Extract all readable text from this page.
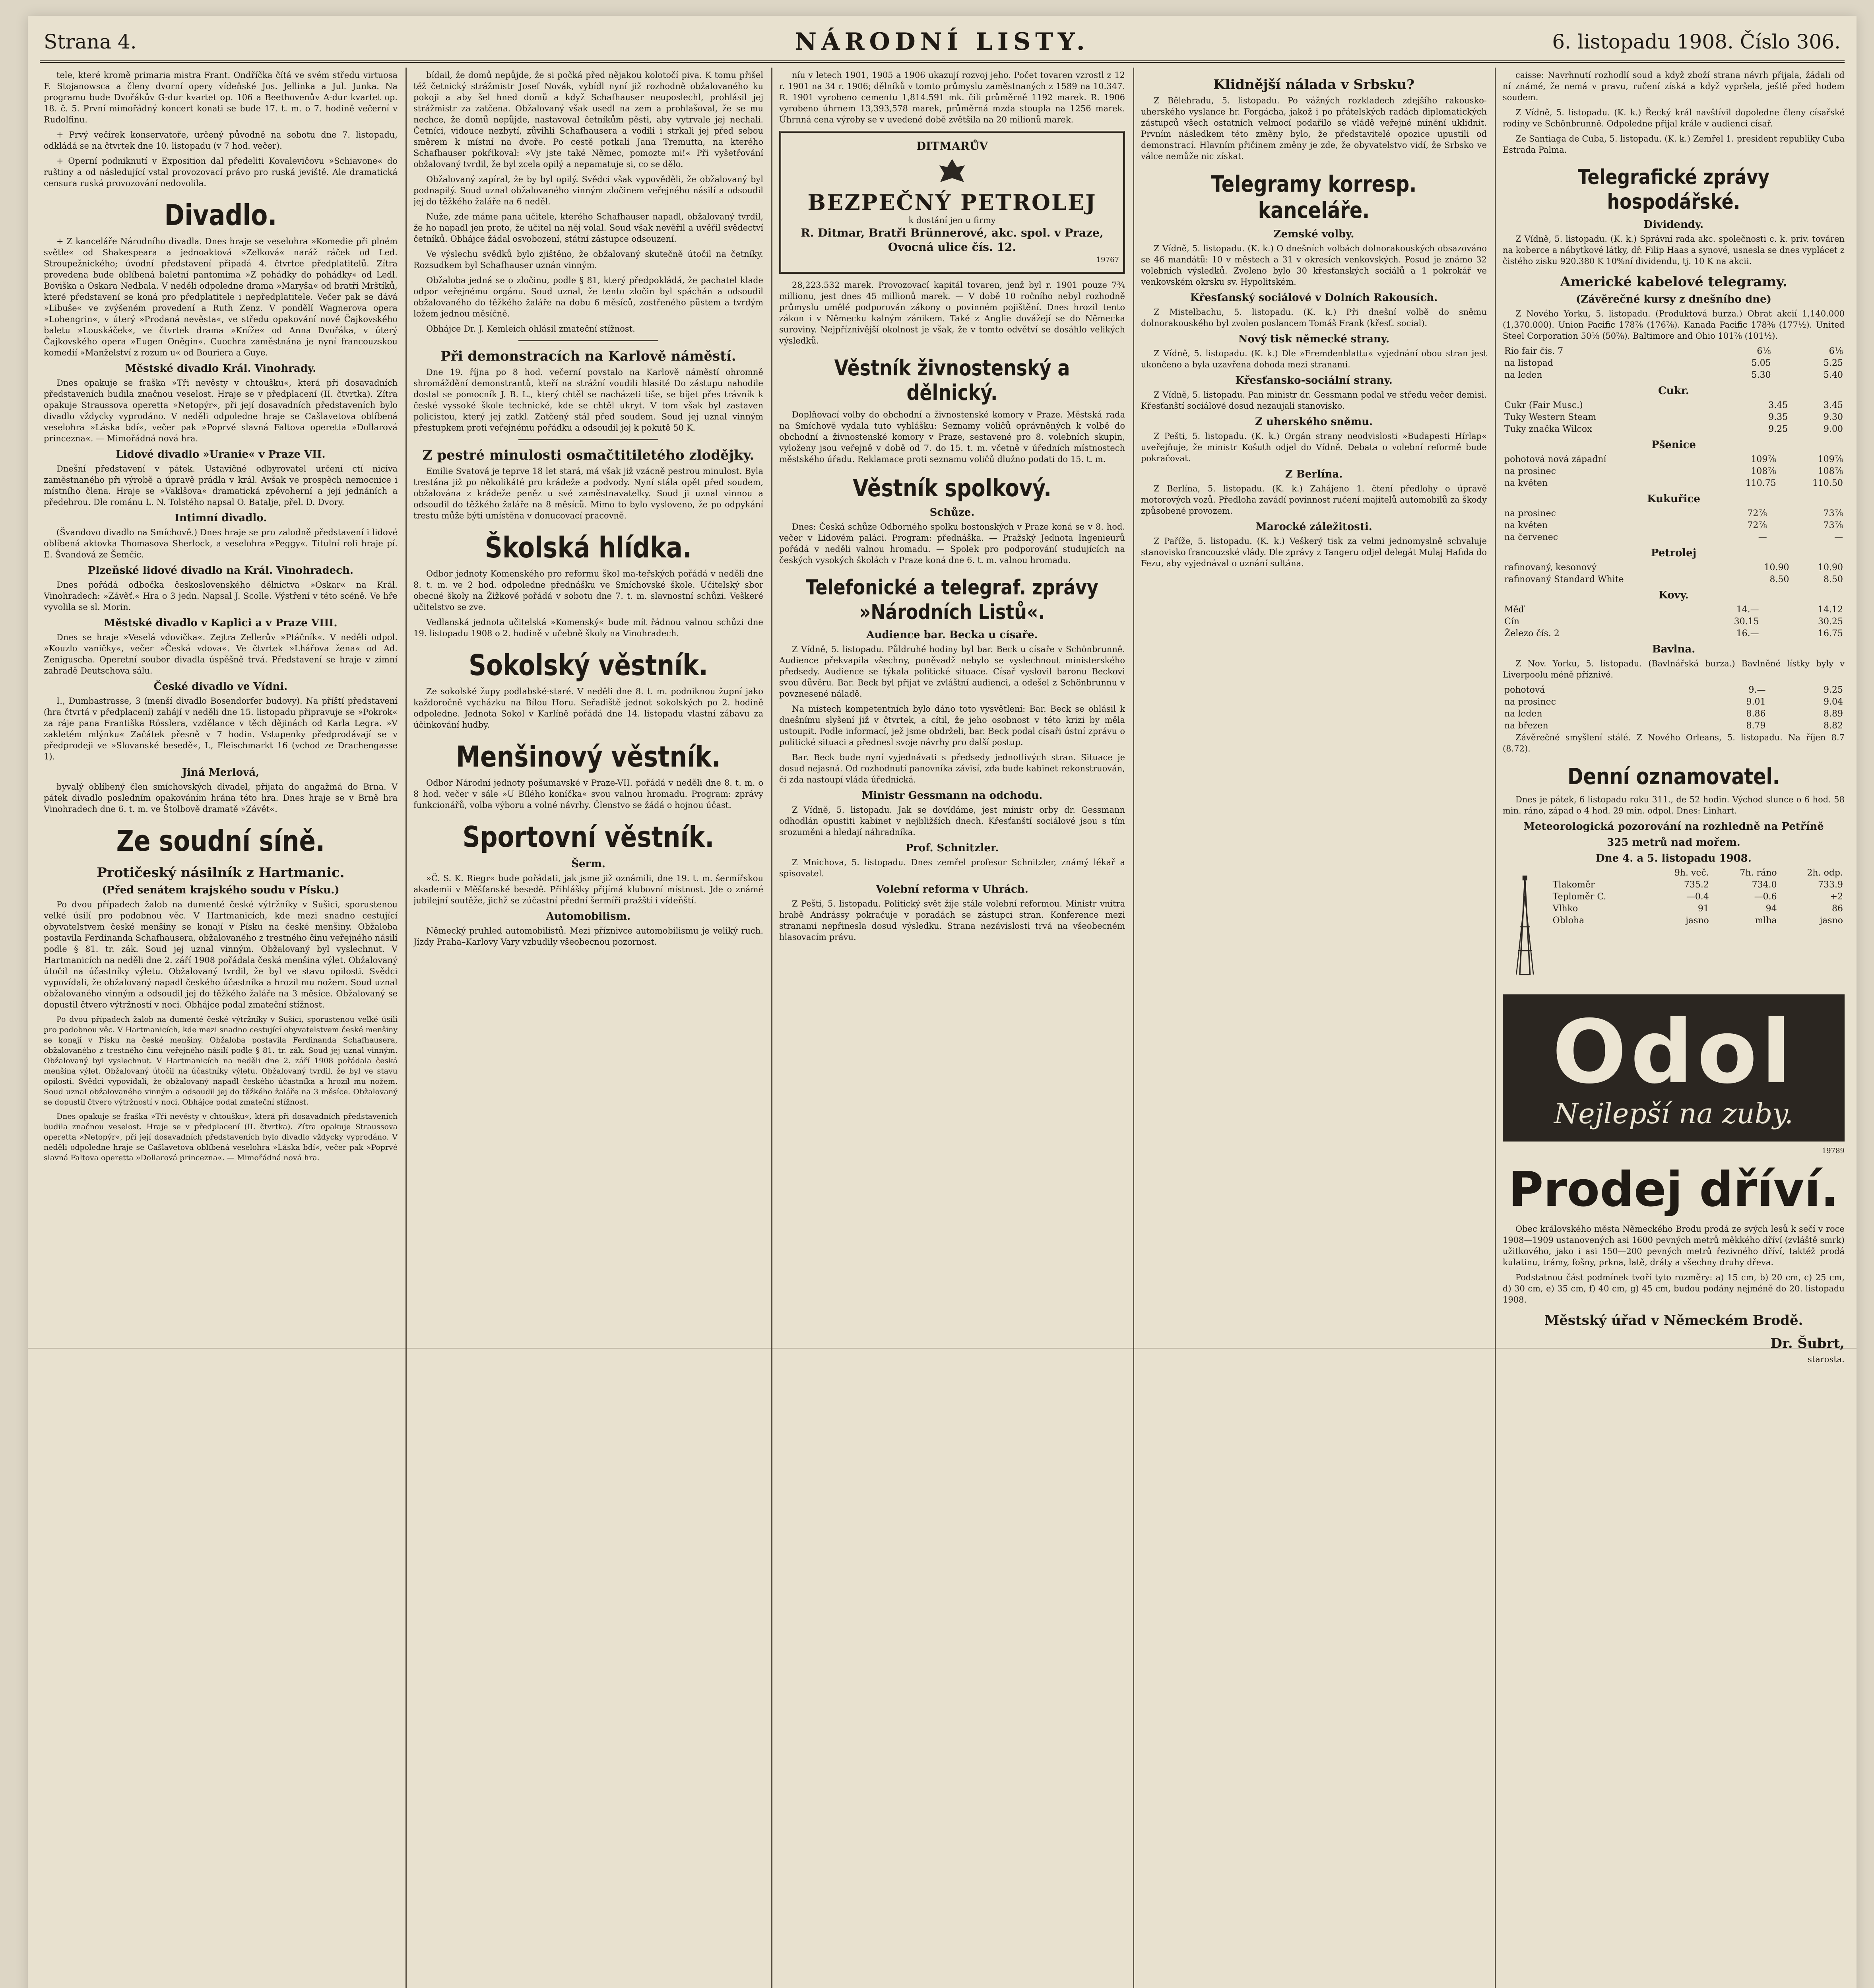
Strana 4.	NÁRODNÍ LISTY.	6. listopadu 1908. Číslo 306.

tele, které kromě primaria mistra Frant. Ondříčka čítá ve svém středu virtuosa F. Stojanowsca a členy dvorní opery vídeňské Jos. Jellinka a Jul. Junka. Na programu bude Dvořákův G-dur kvartet op. 106 a Beethovenův A-dur kvartet op. 18. č. 5. První mimořádný koncert konati se bude 17. t. m. o 7. hodině večerní v Rudolfinu.

+ Prvý večírek konservatoře, určený původně na sobotu dne 7. listopadu, odkládá se na čtvrtek dne 10. listopadu (v 7 hod. večer).

+ Operní podniknutí v Exposition dal předeliti Kovalevičovu »Schiavone« do ruštiny a od následující vstal provozovací právo pro ruská jeviště. Ale dramatická censura ruská provozování nedovolila.

Divadlo.

+ Z kanceláře Národního divadla. Dnes hraje se veselohra »Komedie při plném světle« od Shakespeara a jednoaktová »Zelková« naráž ráček od Led. Stroupežnického; úvodní představení připadá 4. čtvrtce předplatitelů. Zítra provedena bude oblíbená baletní pantomima »Z pohádky do pohádky« od Ledl. Boviška a Oskara Nedbala. V neděli odpoledne drama »Maryša« od bratří Mrštíků, které představení se koná pro předplatitele i nepředplatitele. Večer pak se dává »Libuše« ve zvýšeném provedení a Ruth Zenz. V pondělí Wagnerova opera »Lohengrin«, v úterý »Prodaná nevěsta«, ve středu opakování nové Čajkovského baletu »Louskáček«, ve čtvrtek drama »Kníže« od Anna Dvořáka, v úterý Čajkovského opera »Eugen Oněgin«. Cuochra zaměstnána je nyní francouzskou komedií »Manželství z rozum u« od Bouriera a Guye.

Městské divadlo Král. Vinohrady.

Dnes opakuje se fraška »Tři nevěsty v chtoušku«, která při dosavadních představeních budila značnou veselost. Hraje se v předplacení (II. čtvrtka). Zítra opakuje Straussova operetta »Netopýr«, při její dosavadních představeních bylo divadlo vždycky vyprodáno. V neděli odpoledne hraje se Cašlavetova oblíbená veselohra »Láska bdí«, večer pak »Poprvé slavná Faltova operetta »Dollarová princezna«. — Mimořádná nová hra.

Lidové divadlo »Uranie« v Praze VII.

Dnešní představení v pátek. Ustavičné odbyrovatel určení ctí nicíva zaměstnaného při výrobě a úpravě prádla v král. Avšak ve prospěch nemocnice i místního člena. Hraje se »Vaklšova« dramatická zpěvoherní a její jednáních a předehrou. Dle románu L. N. Tolstého napsal O. Batalje, přel. D. Dvory.

Intimní divadlo.

(Švandovo divadlo na Smíchově.) Dnes hraje se pro zalodně představení i lidové oblíbená aktovka Thomasova Sherlock, a veselohra »Peggy«. Titulní roli hraje pí. E. Švandová ze Šemčic.

Plzeňské lidové divadlo na Král. Vinohradech.

Dnes pořádá odbočka československého dělnictva »Oskar« na Král. Vinohradech: »Závěť.« Hra o 3 jedn. Napsal J. Scolle. Výstření v této scéně. Ve hře vyvolila se sl. Morin.

Městské divadlo v Kaplici a v Praze VIII.

Dnes se hraje »Veselá vdovička«. Zejtra Zellerův »Ptáčník«. V neděli odpol. »Kouzlo vaničky«, večer »Česká vdova«. Ve čtvrtek »Lhářova žena« od Ad. Zeniguscha. Operetní soubor divadla úspěšně trvá. Představení se hraje v zimní zahradě Deutschova sálu.

České divadlo ve Vídni.

I., Dumbastrasse, 3 (menší divadlo Bosendorfer budovy). Na příští představení (hra čtvrtá v předplacení) zahájí v neděli dne 15. listopadu připravuje se »Pokrok« za ráje pana Františka Rösslera, vzdělance v těch dějinách od Karla Legra. »V zakletém mlýnku« Začátek přesně v 7 hodin. Vstupenky předprodávají se v předprodeji ve »Slovanské besedě«, I., Fleischmarkt 16 (vchod ze Drachengasse 1).

Jiná Merlová,

byvalý oblíbený člen smíchovských divadel, přijata do angažmá do Brna. V pátek divadlo posledním opakováním hrána této hra. Dnes hraje se v Brně hra Vinohradech dne 6. t. m. ve Štolbově dramatě »Závět«.

Ze soudní síně.
Protičeský násilník z Hartmanic.
(Před senátem krajského soudu v Písku.)

Po dvou případech žalob na dumenté české výtržníky v Sušici, sporustenou velké úsilí pro podobnou věc. V Hartmanicích, kde mezi snadno cestující obyvatelstvem české menšiny se konají v Písku na české menšiny. Obžaloba postavila Ferdinanda Schafhausera, obžalovaného z trestného činu veřejného násilí podle § 81. tr. zák. Soud jej uznal vinným. Obžalovaný byl vyslechnut. V Hartmanicích na neděli dne 2. září 1908 pořádala česká menšina výlet. Obžalovaný útočil na účastníky výletu. Obžalovaný tvrdil, že byl ve stavu opilosti. Svědci vypovídali, že obžalovaný napadl českého účastníka a hrozil mu nožem. Soud uznal obžalovaného vinným a odsoudil jej do těžkého žaláře na 3 měsíce. Obžalovaný se dopustil čtvero výtržností v noci. Obhájce podal zmateční stížnost.

Po dvou případech žalob na dumenté české výtržníky v Sušici, sporustenou velké úsilí pro podobnou věc. V Hartmanicích, kde mezi snadno cestující obyvatelstvem české menšiny se konají v Písku na české menšiny. Obžaloba postavila Ferdinanda Schafhausera, obžalovaného z trestného činu veřejného násilí podle § 81. tr. zák. Soud jej uznal vinným. Obžalovaný byl vyslechnut. V Hartmanicích na neděli dne 2. září 1908 pořádala česká menšina výlet. Obžalovaný útočil na účastníky výletu. Obžalovaný tvrdil, že byl ve stavu opilosti. Svědci vypovídali, že obžalovaný napadl českého účastníka a hrozil mu nožem. Soud uznal obžalovaného vinným a odsoudil jej do těžkého žaláře na 3 měsíce. Obžalovaný se dopustil čtvero výtržností v noci. Obhájce podal zmateční stížnost.

Dnes opakuje se fraška »Tři nevěsty v chtoušku«, která při dosavadních představeních budila značnou veselost. Hraje se v předplacení (II. čtvrtka). Zítra opakuje Straussova operetta »Netopýr«, při její dosavadních představeních bylo divadlo vždycky vyprodáno. V neděli odpoledne hraje se Cašlavetova oblíbená veselohra »Láska bdí«, večer pak »Poprvé slavná Faltova operetta »Dollarová princezna«. — Mimořádná nová hra.

bídail, že domů nepůjde, že si počká před nějakou kolotočí piva. K tomu přišel též četnický strážmistr Josef Novák, vybídl nyní již rozhodně obžalovaného ku pokoji a aby šel hned domů a když Schafhauser neuposlechl, prohlásil jej strážmistr za zatčena. Obžalovaný však usedl na zem a prohlašoval, že se mu nechce, že domů nepůjde, nastavoval četníkům pěsti, aby vytrvale jej nechali. Četníci, vidouce nezbytí, zůvihli Schafhausera a vodili i strkali jej před sebou směrem k místní na dvoře. Po cestě potkali Jana Tremutta, na kterého Schafhauser pokřikoval: »Vy jste také Němec, pomozte mi!« Při vyšetřování obžalovaný tvrdil, že byl zcela opilý a nepamatuje si, co se dělo.

Obžalovaný zapíral, že by byl opilý. Svědci však vypověděli, že obžalovaný byl podnapilý. Soud uznal obžalovaného vinným zločinem veřejného násilí a odsoudil jej do těžkého žaláře na 6 neděl.

Nuže, zde máme pana učitele, kterého Schafhauser napadl, obžalovaný tvrdil, že ho napadl jen proto, že učitel na něj volal. Soud však nevěřil a uvěřil svědectví četníků. Obhájce žádal osvobození, státní zástupce odsouzení.

Ve výslechu svědků bylo zjištěno, že obžalovaný skutečně útočil na četníky. Rozsudkem byl Schafhauser uznán vinným.

Obžaloba jedná se o zločinu, podle § 81, který předpokládá, že pachatel klade odpor veřejnému orgánu. Soud uznal, že tento zločin byl spáchán a odsoudil obžalovaného do těžkého žaláře na dobu 6 měsíců, zostřeného půstem a tvrdým ložem jednou měsíčně.

Obhájce Dr. J. Kemleich ohlásil zmateční stížnost.

Při demonstracích na Karlově náměstí.

Dne 19. října po 8 hod. večerní povstalo na Karlově náměstí ohromně shromáždění demonstrantů, kteří na strážní voudili hlasité Do zástupu nahodile dostal se pomocník J. B. L., který chtěl se nacházeti tiše, se bíjet přes trávník k české vyssoké škole technické, kde se chtěl ukryt. V tom však byl zastaven policistou, který jej zatkl. Zatčený stál před soudem. Soud jej uznal vinným přestupkem proti veřejnému pořádku a odsoudil jej k pokutě 50 K.

Z pestré minulosti osmačtitiletého zlodějky.

Emilie Svatová je teprve 18 let stará, má však již vzácně pestrou minulost. Byla trestána již po několikáté pro krádeže a podvody. Nyní stála opět před soudem, obžalována z krádeže peněz u své zaměstnavatelky. Soud ji uznal vinnou a odsoudil do těžkého žaláře na 8 měsíců. Mimo to bylo vysloveno, že po odpykání trestu může býti umístěna v donucovací pracovně.

Školská hlídka.

Odbor jednoty Komenského pro reformu škol ma-teřských pořádá v neděli dne 8. t. m. ve 2 hod. odpoledne přednášku ve Smíchovské škole. Učitelský sbor obecné školy na Žižkově pořádá v sobotu dne 7. t. m. slavnostní schůzi. Veškeré učitelstvo se zve.

Vedlanská jednota učitelská »Komenský« bude mít řádnou valnou schůzi dne 19. listopadu 1908 o 2. hodině v učebně školy na Vinohradech.

Sokolský věstník.

Ze sokolské župy podlabské-staré. V neděli dne 8. t. m. podniknou župní jako každoročně vycházku na Bílou Horu. Seřadiště jednot sokolských po 2. hodině odpoledne. Jednota Sokol v Karlíně pořádá dne 14. listopadu vlastní zábavu za účinkování hudby.

Menšinový věstník.

Odbor Národní jednoty pošumavské v Praze-VII. pořádá v neděli dne 8. t. m. o 8 hod. večer v sále »U Bílého koníčka« svou valnou hromadu. Program: zprávy funkcionářů, volba výboru a volné návrhy. Členstvo se žádá o hojnou účast.

Sportovní věstník.
Šerm.

»Č. S. K. Riegr« bude pořádati, jak jsme již oznámili, dne 19. t. m. šermířskou akademii v Měšťanské besedě. Přihlášky přijímá klubovní místnost. Jde o známé jubilejní soutěže, jichž se zúčastní přední šermíři pražští i vídeňští.

Automobilism.

Německý pruhled automobilistů. Mezi příznivce automobilismu je veliký ruch. Jízdy Praha–Karlovy Vary vzbudily všeobecnou pozornost.

níu v letech 1901, 1905 a 1906 ukazují rozvoj jeho. Počet tovaren vzrostl z 12 r. 1901 na 34 r. 1906; dělníků v tomto průmyslu zaměstnaných z 1589 na 10.347. R. 1901 vyrobeno cementu 1,814.591 mk. čili průměrně 1192 marek. R. 1906 vyrobeno úhrnem 13,393,578 marek, průměrná mzda stoupla na 1256 marek. Úhrnná cena výroby se v uvedené době zvětšila na 20 milionů marek.

DITMARŮV
BEZPEČNÝ PETROLEJ
k dostání jen u firmy
R. Ditmar, Bratři Brünnerové, akc. spol. v Praze, Ovocná ulice čís. 12.
19767

28,223.532 marek. Provozovací kapitál tovaren, jenž byl r. 1901 pouze 7¾ millionu, jest dnes 45 millionů marek. — V době 10 ročního nebyl rozhodně průmyslu umělé podporován zákony o povinném pojištění. Dnes hrozil tento zákon i v Německu kalným zánikem. Také z Anglie dovážejí se do Německa suroviny. Nejpříznivější okolnost je však, že v tomto odvětví se dosáhlo velikých výsledků.

Věstník živnostenský a dělnický.

Doplňovací volby do obchodní a živnostenské komory v Praze. Městská rada na Smíchově vydala tuto vyhlášku: Seznamy voličů oprávněných k volbě do obchodní a živnostenské komory v Praze, sestavené pro 8. volebních skupin, vyloženy jsou veřejně v době od 7. do 15. t. m. včetně v úředních místnostech městského úřadu. Reklamace proti seznamu voličů dlužno podati do 15. t. m.

Věstník spolkový.
Schůze.

Dnes: Česká schůze Odborného spolku bostonských v Praze koná se v 8. hod. večer v Lidovém paláci. Program: přednáška. — Pražský Jednota Ingenieurů pořádá v neděli valnou hromadu. — Spolek pro podporování studujících na českých vysokých školách v Praze koná dne 6. t. m. valnou hromadu.

Telefonické a telegraf. zprávy »Národních Listů«.
Audience bar. Becka u císaře.

Z Vídně, 5. listopadu. Půldruhé hodiny byl bar. Beck u císaře v Schönbrunně. Audience překvapila všechny, poněvadž nebylo se vyslechnout ministerského předsedy. Audience se týkala politické situace. Císař vyslovil baronu Beckovi svou důvěru. Bar. Beck byl přijat ve zvláštní audienci, a odešel z Schönbrunnu v povznesené náladě.

Na místech kompetentních bylo dáno toto vysvětlení: Bar. Beck se ohlásil k dnešnímu slyšení již v čtvrtek, a cítil, že jeho osobnost v této krizi by měla ustoupit. Podle informací, jež jsme obdrželi, bar. Beck podal císaři ústní zprávu o politické situaci a přednesl svoje návrhy pro další postup.

Bar. Beck bude nyní vyjednávati s předsedy jednotlivých stran. Situace je dosud nejasná. Od rozhodnutí panovníka závisí, zda bude kabinet rekonstruován, či zda nastoupí vláda úřednická.

Ministr Gessmann na odchodu.

Z Vídně, 5. listopadu. Jak se dovídáme, jest ministr orby dr. Gessmann odhodlán opustiti kabinet v nejbližších dnech. Křesťanští sociálové jsou s tím srozuměni a hledají náhradníka.

Prof. Schnitzler.

Z Mnichova, 5. listopadu. Dnes zemřel profesor Schnitzler, známý lékař a spisovatel.

Volební reforma v Uhrách.

Z Pešti, 5. listopadu. Politický svět žije stále volební reformou. Ministr vnitra hrabě Andrássy pokračuje v poradách se zástupci stran. Konference mezi stranami nepřinesla dosud výsledku. Strana nezávislosti trvá na všeobecném hlasovacím právu.

Klidnější nálada v Srbsku?

Z Bělehradu, 5. listopadu. Po vážných rozkladech zdejšího rakousko-uherského vyslance hr. Forgácha, jakož i po přátelských radách diplomatických zástupců všech ostatních velmocí podařilo se vládě veřejné mínění uklidnit. Prvním následkem této změny bylo, že představitelé opozice upustili od demonstrací. Hlavním přičinem změny je zde, že obyvatelstvo vidí, že Srbsko ve válce nemůže nic získat.

Telegramy korresp. kanceláře.
Zemské volby.

Z Vídně, 5. listopadu. (K. k.) O dnešních volbách dolnorakouských obsazováno se 46 mandátů: 10 v městech a 31 v okresích venkovských. Posud je známo 32 volebních výsledků. Zvoleno bylo 30 křesťanských sociálů a 1 pokrokář ve venkovském okrsku sv. Hypolitském.

Křesťanský sociálové v Dolních Rakousích.

Z Mistelbachu, 5. listopadu. (K. k.) Při dnešní volbě do sněmu dolnorakouského byl zvolen poslancem Tomáš Frank (křesť. social).

Nový tisk německé strany.

Z Vídně, 5. listopadu. (K. k.) Dle »Fremdenblattu« vyjednání obou stran jest ukončeno a byla uzavřena dohoda mezi stranami.

Křesťansko-sociální strany.

Z Vídně, 5. listopadu. Pan ministr dr. Gessmann podal ve středu večer demisi. Křesťanští sociálové dosud nezaujali stanovisko.

Z uherského sněmu.

Z Pešti, 5. listopadu. (K. k.) Orgán strany neodvislosti »Budapesti Hírlap« uveřejňuje, že ministr Košuth odjel do Vídně. Debata o volební reformě bude pokračovat.

Z Berlína.

Z Berlína, 5. listopadu. (K. k.) Zahájeno 1. čtení předlohy o úpravě motorových vozů. Předloha zavádí povinnost ručení majitelů automobilů za škody způsobené provozem.

Marocké záležitosti.

Z Paříže, 5. listopadu. (K. k.) Veškerý tisk za velmi jednomyslně schvaluje stanovisko francouzské vlády. Dle zprávy z Tangeru odjel delegát Mulaj Hafida do Fezu, aby vyjednával o uznání sultána.

caisse: Navrhnutí rozhodlí soud a když zboží strana návrh přijala, žádali od ní známé, že nemá v pravu, ručení získá a když vypršela, ještě před hodem soudem.

Z Vídně, 5. listopadu. (K. k.) Řecký král navštívil dopoledne členy císařské rodiny ve Schönbrunně. Odpoledne přijal krále v audienci císař.

Ze Santiaga de Cuba, 5. listopadu. (K. k.) Zemřel 1. president republiky Cuba Estrada Palma.

Telegrafické zprávy hospodářské.
Dividendy.

Z Vídně, 5. listopadu. (K. k.) Správní rada akc. společnosti c. k. priv. továren na koberce a nábytkové látky, dř. Filip Haas a synové, usnesla se dnes vyplácet z čistého zisku 920.380 K 10%ní dividendu, tj. 10 K na akcii.

Americké kabelové telegramy.
(Závěrečné kursy z dnešního dne)

Z Nového Yorku, 5. listopadu. (Produktová burza.) Obrat akcií 1,140.000 (1,370.000). Union Pacific 178⅞ (176⅞). Kanada Pacific 178⅜ (177½). United Steel Corporation 50⅝ (50⅞). Baltimore and Ohio 101⅞ (101½).

Rio fair čís. 7	6⅛	6⅛
na listopad	5.05	5.25
na leden	5.30	5.40
Cukr.
Cukr (Fair Musc.)	3.45	3.45
Tuky Western Steam	9.35	9.30
Tuky značka Wilcox	9.25	9.00
Pšenice
pohotová nová západní	109⅞	109⅞
na prosinec	108⅞	108⅞
na květen	110.75	110.50
Kukuřice
na prosinec	72⅞	73⅞
na květen	72⅞	73⅞
na červenec	—	—
Petrolej
rafinovaný, kesonový	10.90	10.90
rafinovaný Standard White	8.50	8.50
Kovy.
Měď	14.—	14.12
Cín	30.15	30.25
Železo čís. 2	16.—	16.75
Bavlna.

Z Nov. Yorku, 5. listopadu. (Bavlnářská burza.) Bavlněné lístky byly v Liverpoolu méně příznivé.

pohotová	9.—	9.25
na prosinec	9.01	9.04
na leden	8.86	8.89
na březen	8.79	8.82

Závěrečné smyšlení stálé. Z Nového Orleans, 5. listopadu. Na říjen 8.7 (8.72).

Denní oznamovatel.

Dnes je pátek, 6 listopadu roku 311., de 52 hodin. Východ slunce o 6 hod. 58 min. ráno, západ o 4 hod. 29 min. odpol. Dnes: Linhart.

Meteorologická pozorování na rozhledně na Petříně
325 metrů nad mořem.
Dne 4. a 5. listopadu 1908.
	9h. več.	7h. ráno	2h. odp.
Tlakoměr	735.2	734.0	733.9
Teploměr C.	—0.4	—0.6	+2
Vlhko	91	94	86
Obloha	jasno	mlha	jasno
Odol
Nejlepší na zuby.
19789
Prodej dříví.

Obec královského města Německého Brodu prodá ze svých lesů k sečí v roce 1908—1909 ustanovených asi 1600 pevných metrů měkkého dříví (zvláště smrk) užitkového, jako i asi 150—200 pevných metrů řezivného dříví, taktéž prodá kulatinu, trámy, fošny, prkna, latě, dráty a všechny druhy dřeva.

Podstatnou část podmínek tvoří tyto rozměry: a) 15 cm, b) 20 cm, c) 25 cm, d) 30 cm, e) 35 cm, f) 40 cm, g) 45 cm, budou podány nejméně do 20. listopadu 1908.

Městský úřad v Německém Brodě.
Dr. Šubrt,
starosta.
